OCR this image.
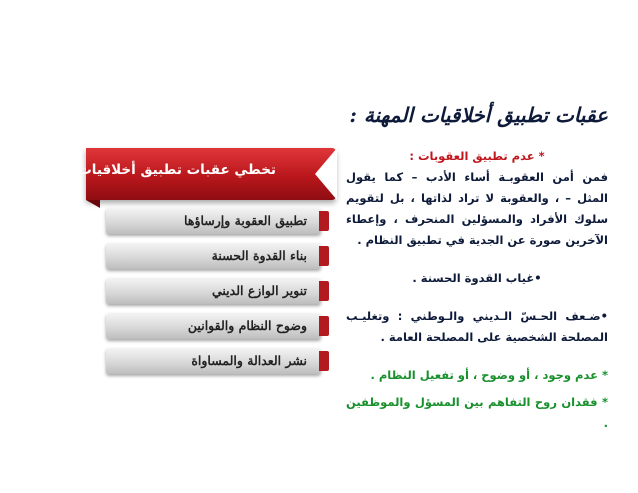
عقبات تطبيق أخلاقيات المهنة :
تخطي عقبات تطبيق أخلاقيات العمل
تطبيق العقوبة وإرساؤها
بناء القدوة الحسنة
تنوير الوازع الديني
وضوح النظام والقوانين
نشر العدالة والمساواة

* عدم تطبيق العقوبات :

فمن أمن العقوبـة أساء الأدب – كما يقول المثل – ، والعقوبة لا تراد لذاتها ، بل لتقويم سلوك الأفراد والمسؤلين المنحرف ، وإعطاء الآخرين صورة عن الجدية في تطبيق النظام .

•غياب القدوة الحسنة .

•ضـعف الحـسّ الـديني والـوطني : وتغليـب المصلحة الشخصية على المصلحة العامة .

* عدم وجود ، أو وضوح ، أو تفعيل النظام .

* فقدان روح التفاهم بين المسؤل والموظفين .
